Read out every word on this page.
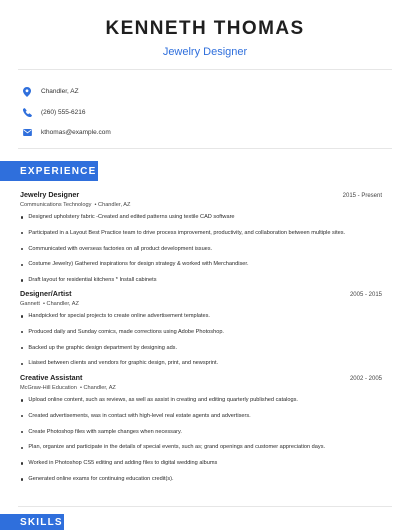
KENNETH THOMAS
Jewelry Designer
Chandler, AZ
(260) 555-6216
kthomas@example.com
EXPERIENCE
Jewelry Designer	2015 - Present
Communications Technology  • Chandler, AZ
Designed upholstery fabric -Created and edited patterns using textile CAD software
Participated in a Layout Best Practice team to drive process improvement, productivity, and collaboration between multiple sites.
Communicated with overseas factories on all product development issues.
Costume Jewelry) Gathered inspirations for design strategy & worked with Merchandiser.
Draft layout for residential kitchens * Install cabinets
Designer/Artist	2005 - 2015
Gannett  • Chandler, AZ
Handpicked for special projects to create online advertisement templates.
Produced daily and Sunday comics, made corrections using Adobe Photoshop.
Backed up the graphic design department by designing ads.
Liaised between clients and vendors for graphic design, print, and newsprint.
Creative Assistant	2002 - 2005
McGraw-Hill Education  • Chandler, AZ
Upload online content, such as reviews, as well as assist in creating and editing quarterly published catalogs.
Created advertisements, was in contact with high-level real estate agents and advertisers.
Create Photoshop files with sample changes when necessary.
Plan, organize and participate in the details of special events, such as; grand openings and customer appreciation days.
Worked in Photoshop CS5 editing and adding files to digital wedding albums
Generated online exams for continuing education credit(s).
SKILLS
